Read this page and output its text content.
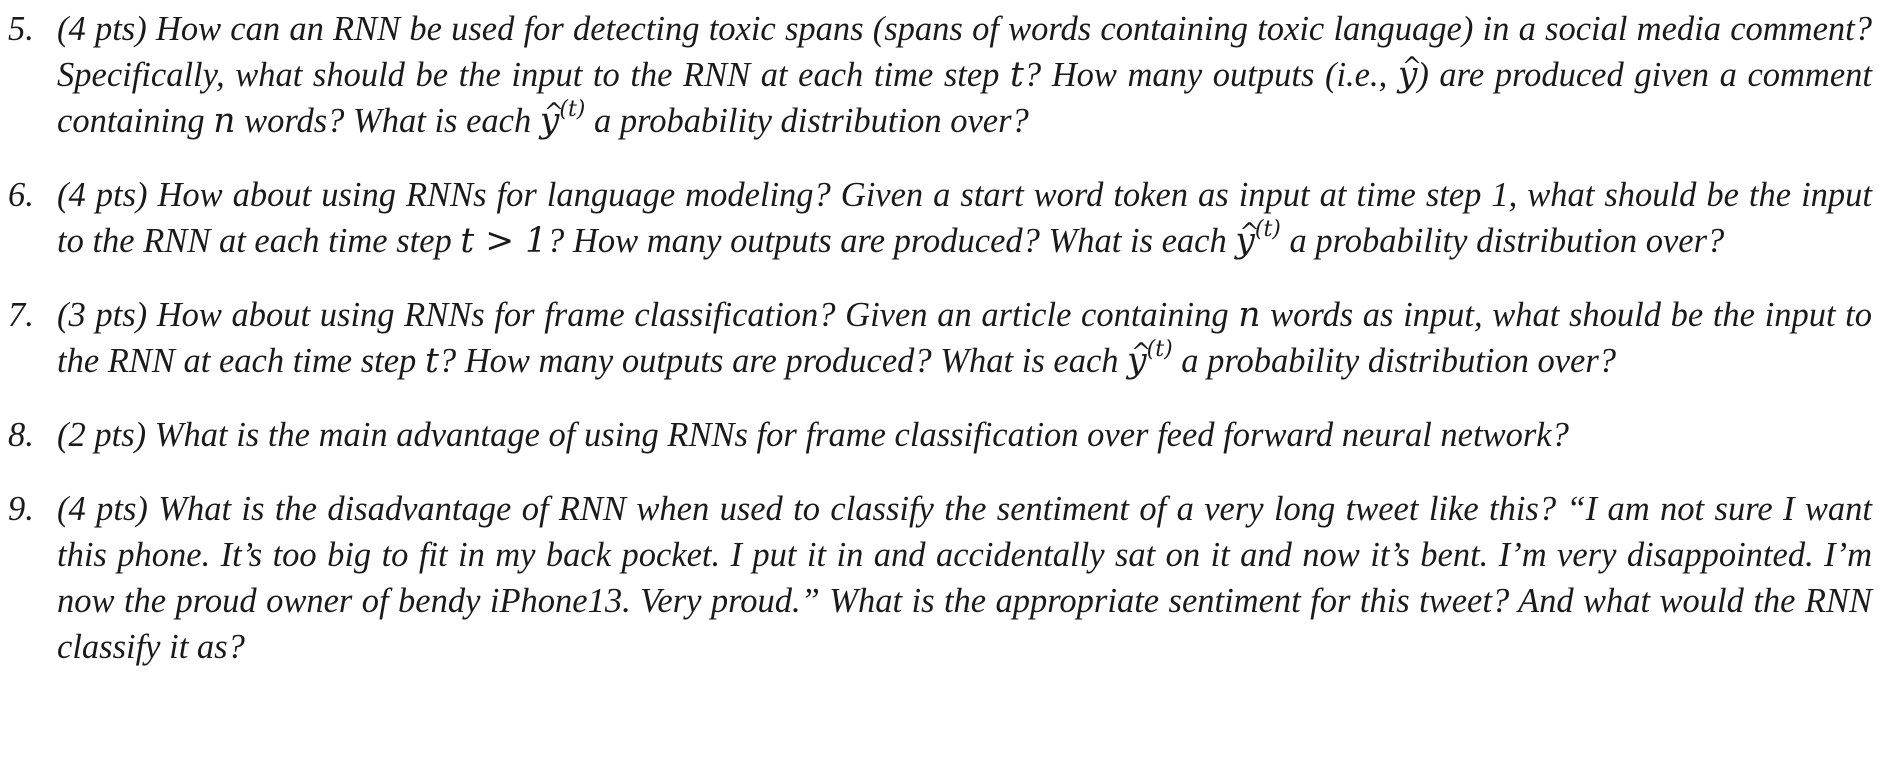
5. (4 pts) How can an RNN be used for detecting toxic spans (spans of words containing toxic language) in a social media comment? Specifically, what should be the input to the RNN at each time step t? How many outputs (i.e., ^ y) are produced given a comment containing n words? What is each ^ $y^{(t)}$ a probability distribution over?
6. (4 pts) How about using RNNs for language modeling? Given a start word token as input at time step 1, what should be the input to the RNN at each time step t > 1? How many outputs are produced? What is each ^ $y^{(t)}$ a probability distribution over?
7. (3 pts) How about using RNNs for frame classification? Given an article containing n words as input, what should be the input to the RNN at each time step t? How many outputs are produced? What is each ^ $y^{(t)}$ a probability distribution over?
8. (2 pts) What is the main advantage of using RNNs for frame classification over feed forward neural network?
9. (4 pts) What is the disadvantage of RNN when used to classify the sentiment of a very long tweet like this? “I am not sure I want this phone. It’s too big to fit in my back pocket. I put it in and accidentally sat on it and now it’s bent. I’m very disappointed. I’m now the proud owner of bendy iPhone13. Very proud.” What is the appropriate sentiment for this tweet? And what would the RNN classify it as?
